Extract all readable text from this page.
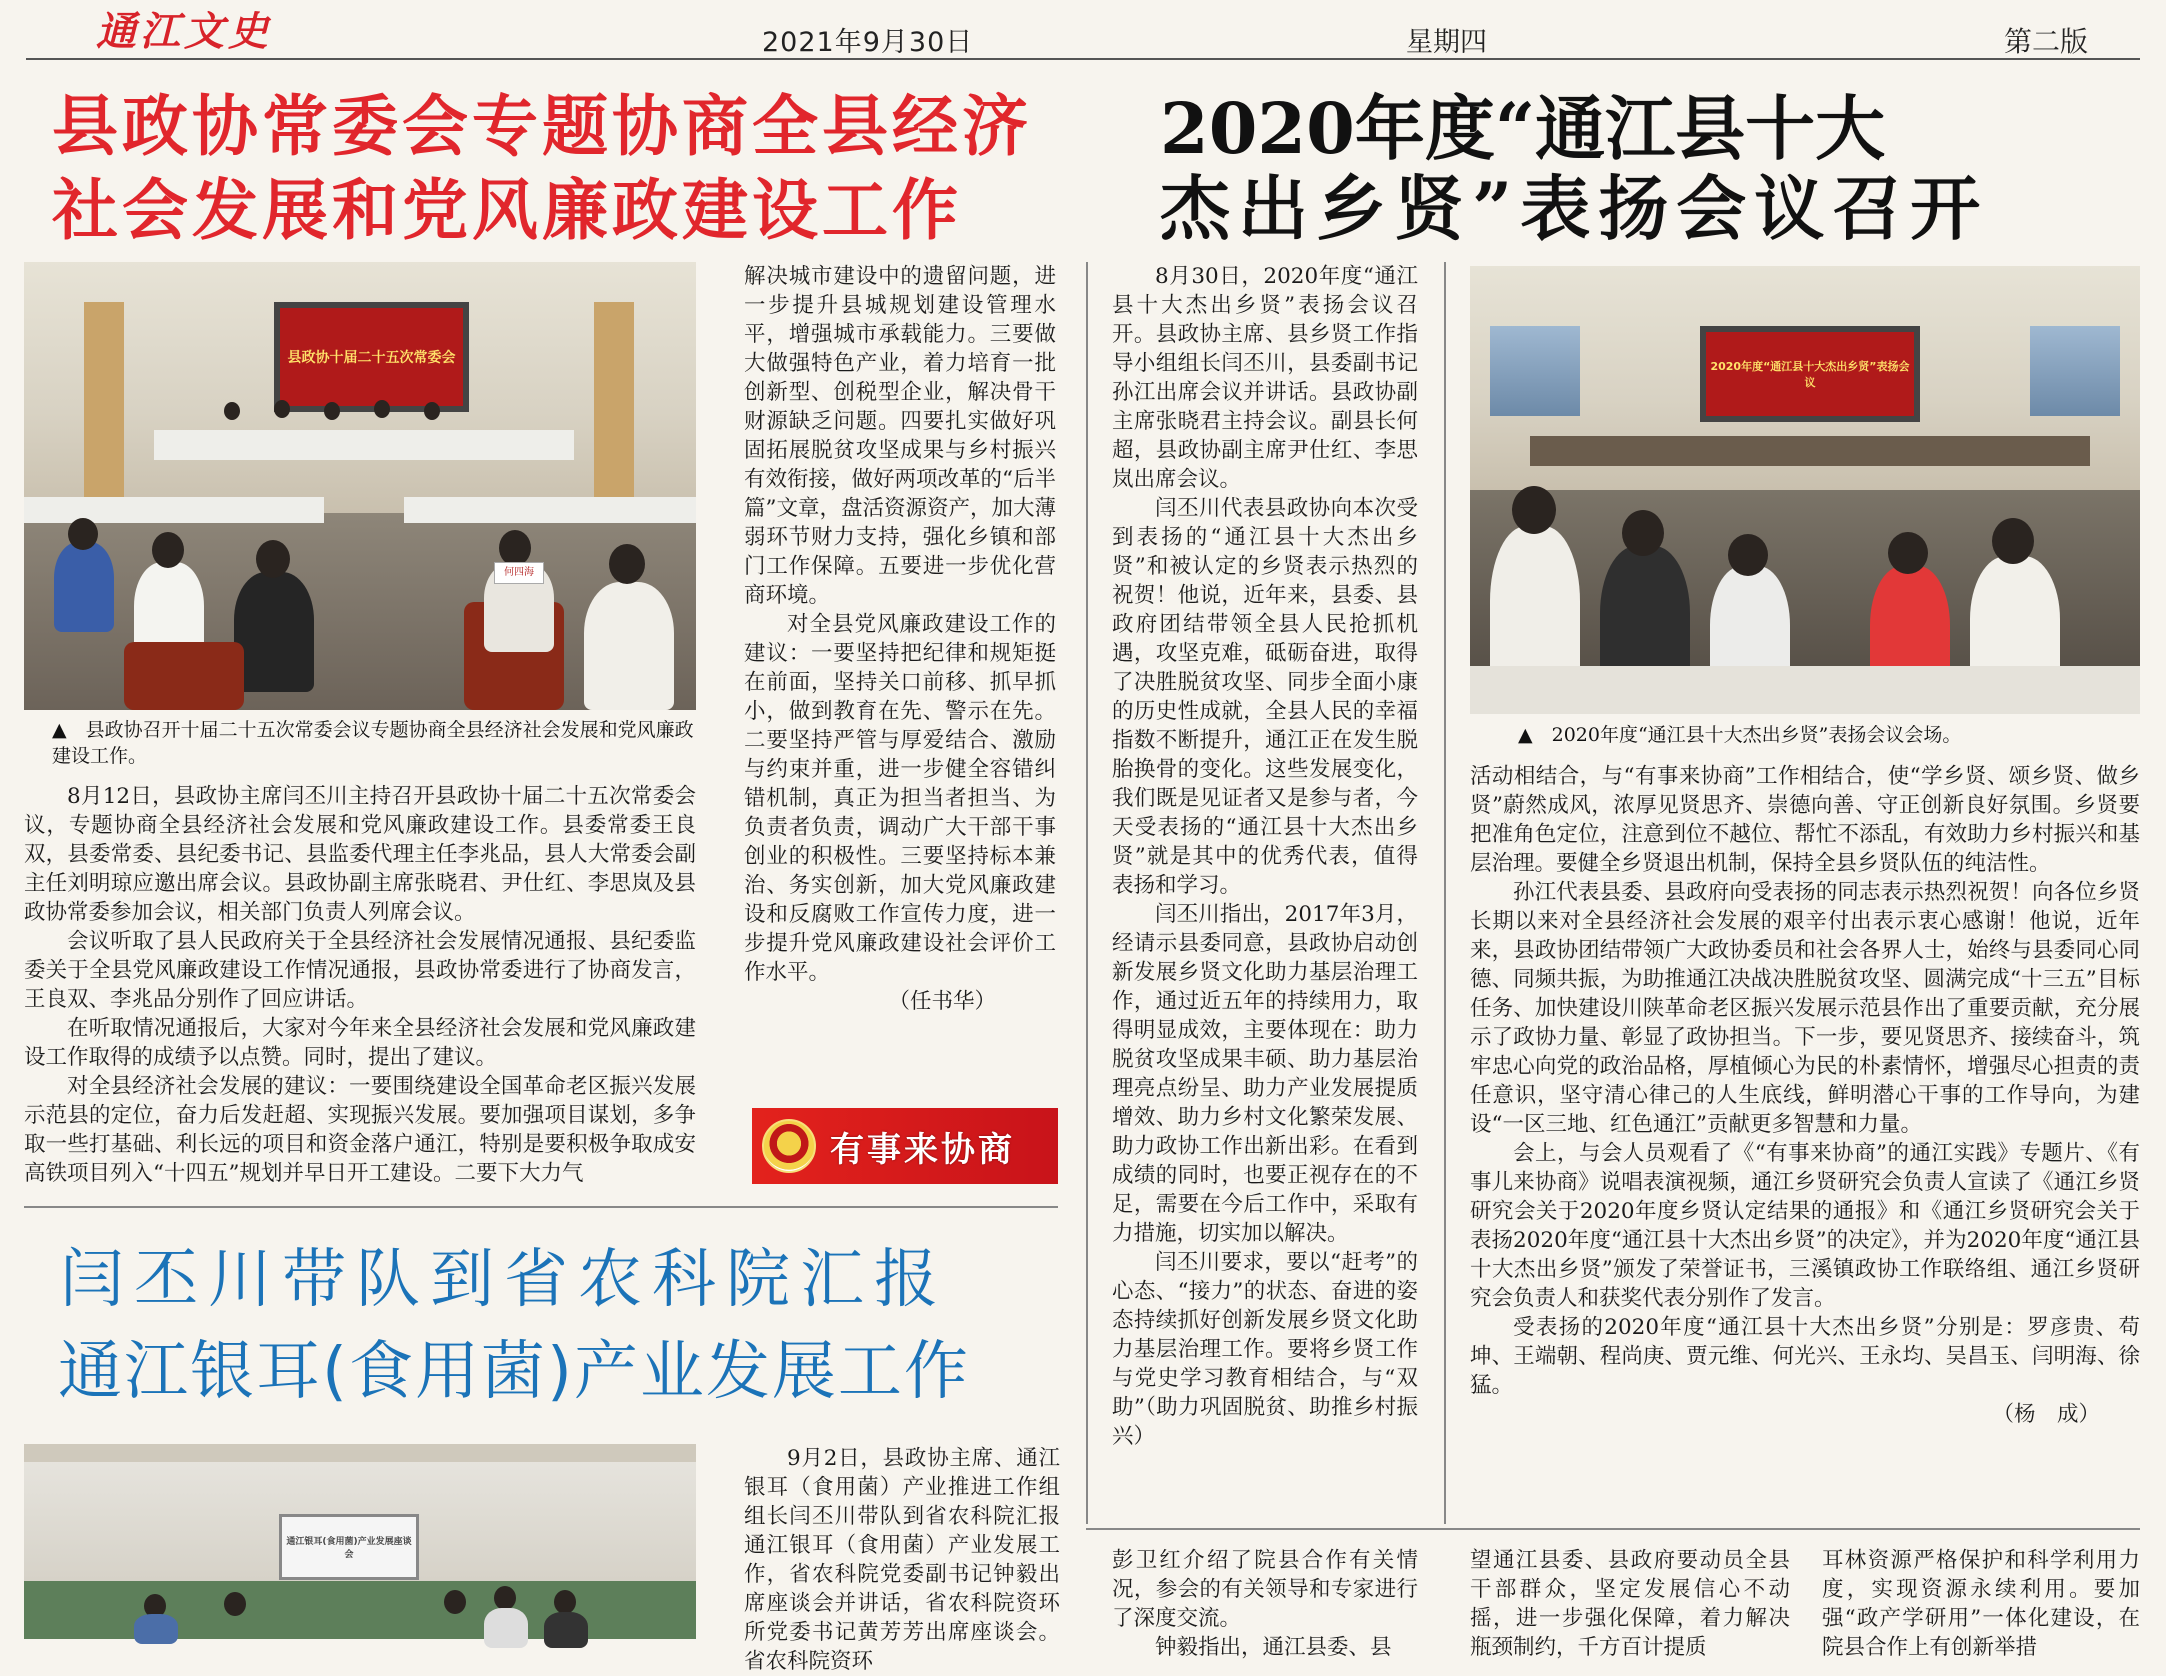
通江文史	2021年9月30日	星期四	第二版
县政协常委会专题协商全县经济
社会发展和党风廉政建设工作
县政协十届二十五次常委会
何四海
▲　县政协召开十届二十五次常委会议专题协商全县经济社会发展和党风廉政建设工作。

8月12日，县政协主席闫丕川主持召开县政协十届二十五次常委会议，专题协商全县经济社会发展和党风廉政建设工作。县委常委王良双，县委常委、县纪委书记、县监委代理主任李兆品，县人大常委会副主任刘明琼应邀出席会议。县政协副主席张晓君、尹仕红、李思岚及县政协常委参加会议，相关部门负责人列席会议。

会议听取了县人民政府关于全县经济社会发展情况通报、县纪委监委关于全县党风廉政建设工作情况通报，县政协常委进行了协商发言，王良双、李兆品分别作了回应讲话。

在听取情况通报后，大家对今年来全县经济社会发展和党风廉政建设工作取得的成绩予以点赞。同时，提出了建议。

对全县经济社会发展的建议：一要围绕建设全国革命老区振兴发展示范县的定位，奋力后发赶超、实现振兴发展。要加强项目谋划，多争取一些打基础、利长远的项目和资金落户通江，特别是要积极争取成安高铁项目列入“十四五”规划并早日开工建设。二要下大力气

解决城市建设中的遗留问题，进一步提升县城规划建设管理水平，增强城市承载能力。三要做大做强特色产业，着力培育一批创新型、创税型企业，解决骨干财源缺乏问题。四要扎实做好巩固拓展脱贫攻坚成果与乡村振兴有效衔接，做好两项改革的“后半篇”文章，盘活资源资产，加大薄弱环节财力支持，强化乡镇和部门工作保障。五要进一步优化营商环境。

对全县党风廉政建设工作的建议：一要坚持把纪律和规矩挺在前面，坚持关口前移、抓早抓小，做到教育在先、警示在先。二要坚持严管与厚爱结合、激励与约束并重，进一步健全容错纠错机制，真正为担当者担当、为负责者负责，调动广大干部干事创业的积极性。三要坚持标本兼治、务实创新，加大党风廉政建设和反腐败工作宣传力度，进一步提升党风廉政建设社会评价工作水平。

（任书华）
有事来协商
2020年度“通江县十大
杰出乡贤”表扬会议召开

8月30日，2020年度“通江县十大杰出乡贤”表扬会议召开。县政协主席、县乡贤工作指导小组组长闫丕川，县委副书记孙江出席会议并讲话。县政协副主席张晓君主持会议。副县长何超，县政协副主席尹仕红、李思岚出席会议。

闫丕川代表县政协向本次受到表扬的“通江县十大杰出乡贤”和被认定的乡贤表示热烈的祝贺！他说，近年来，县委、县政府团结带领全县人民抢抓机遇，攻坚克难，砥砺奋进，取得了决胜脱贫攻坚、同步全面小康的历史性成就，全县人民的幸福指数不断提升，通江正在发生脱胎换骨的变化。这些发展变化，我们既是见证者又是参与者，今天受表扬的“通江县十大杰出乡贤”就是其中的优秀代表，值得表扬和学习。

闫丕川指出，2017年3月，经请示县委同意，县政协启动创新发展乡贤文化助力基层治理工作，通过近五年的持续用力，取得明显成效，主要体现在：助力脱贫攻坚成果丰硕、助力基层治理亮点纷呈、助力产业发展提质增效、助力乡村文化繁荣发展、助力政协工作出新出彩。在看到成绩的同时，也要正视存在的不足，需要在今后工作中，采取有力措施，切实加以解决。

闫丕川要求，要以“赶考”的心态、“接力”的状态、奋进的姿态持续抓好创新发展乡贤文化助力基层治理工作。要将乡贤工作与党史学习教育相结合，与“双助”（助力巩固脱贫、助推乡村振兴）

2020年度“通江县十大杰出乡贤”表扬会议
▲　2020年度“通江县十大杰出乡贤”表扬会议会场。

活动相结合，与“有事来协商”工作相结合，使“学乡贤、颂乡贤、做乡贤”蔚然成风，浓厚见贤思齐、崇德向善、守正创新良好氛围。乡贤要把准角色定位，注意到位不越位、帮忙不添乱，有效助力乡村振兴和基层治理。要健全乡贤退出机制，保持全县乡贤队伍的纯洁性。

孙江代表县委、县政府向受表扬的同志表示热烈祝贺！向各位乡贤长期以来对全县经济社会发展的艰辛付出表示衷心感谢！他说，近年来，县政协团结带领广大政协委员和社会各界人士，始终与县委同心同德、同频共振，为助推通江决战决胜脱贫攻坚、圆满完成“十三五”目标任务、加快建设川陕革命老区振兴发展示范县作出了重要贡献，充分展示了政协力量、彰显了政协担当。下一步，要见贤思齐、接续奋斗，筑牢忠心向党的政治品格，厚植倾心为民的朴素情怀，增强尽心担责的责任意识，坚守清心律己的人生底线，鲜明潜心干事的工作导向，为建设“一区三地、红色通江”贡献更多智慧和力量。

会上，与会人员观看了《“有事来协商”的通江实践》专题片、《有事儿来协商》说唱表演视频，通江乡贤研究会负责人宣读了《通江乡贤研究会关于2020年度乡贤认定结果的通报》和《通江乡贤研究会关于表扬2020年度“通江县十大杰出乡贤”的决定》，并为2020年度“通江县十大杰出乡贤”颁发了荣誉证书，三溪镇政协工作联络组、通江乡贤研究会负责人和获奖代表分别作了发言。

受表扬的2020年度“通江县十大杰出乡贤”分别是：罗彦贵、苟坤、王端朝、程尚庚、贾元维、何光兴、王永均、吴昌玉、闫明海、徐　猛。

（杨　成）
闫丕川带队到省农科院汇报
通江银耳(食用菌)产业发展工作
通江银耳(食用菌)产业发展座谈会

9月2日，县政协主席、通江银耳（食用菌）产业推进工作组组长闫丕川带队到省农科院汇报通江银耳（食用菌）产业发展工作，省农科院党委副书记钟毅出席座谈会并讲话，省农科院资环所党委书记黄芳芳出席座谈会。省农科院资环

彭卫红介绍了院县合作有关情况，参会的有关领导和专家进行了深度交流。

钟毅指出，通江县委、县

望通江县委、县政府要动员全县干部群众，坚定发展信心不动摇，进一步强化保障，着力解决瓶颈制约，千方百计提质

耳林资源严格保护和科学利用力度，实现资源永续利用。要加强“政产学研用”一体化建设，在院县合作上有创新举措
